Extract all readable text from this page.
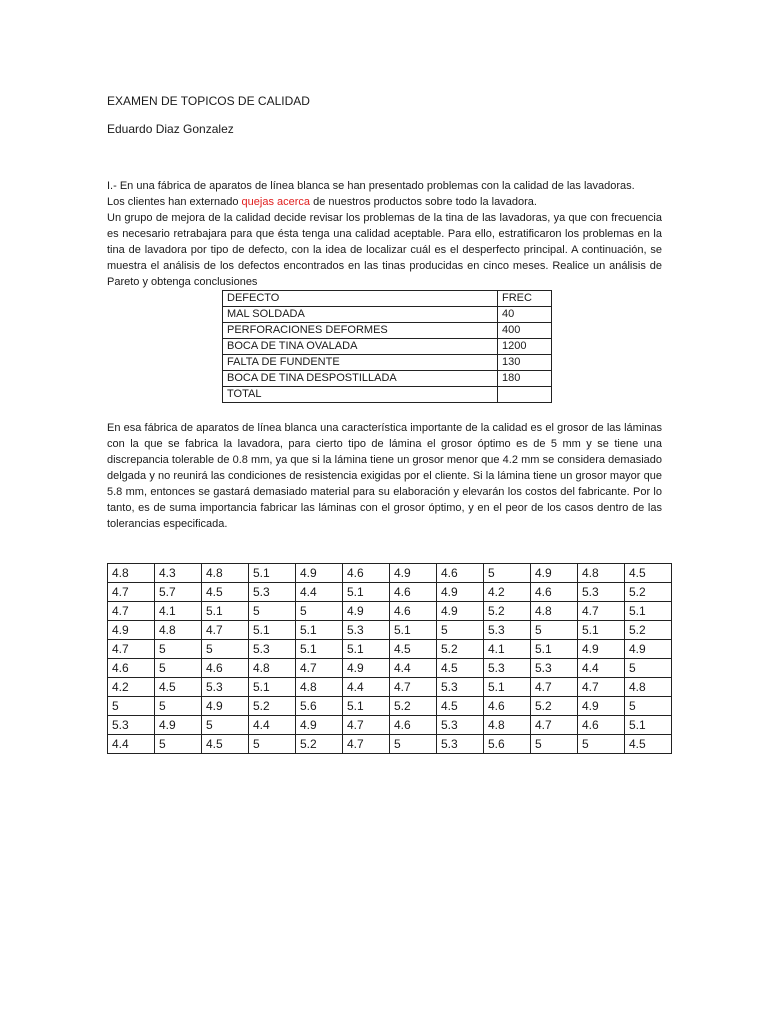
EXAMEN DE TOPICOS DE CALIDAD
Eduardo Diaz Gonzalez

I.- En una fábrica de aparatos de línea blanca se han presentado problemas con la calidad de las lavadoras.
Los clientes han externado quejas acerca de nuestros productos sobre todo la lavadora.
Un grupo de mejora de la calidad decide revisar los problemas de la tina de las lavadoras, ya que con frecuencia es necesario retrabajara para que ésta tenga una calidad aceptable. Para ello, estratificaron los problemas en la tina de lavadora por tipo de defecto, con la idea de localizar cuál es el desperfecto principal. A continuación, se muestra el análisis de los defectos encontrados en las tinas producidas en cinco meses. Realice un análisis de Pareto y obtenga conclusiones

DEFECTO	FREC
MAL SOLDADA	40
PERFORACIONES DEFORMES	400
BOCA DE TINA OVALADA	1200
FALTA DE FUNDENTE	130
BOCA DE TINA DESPOSTILLADA	180
TOTAL	

En esa fábrica de aparatos de línea blanca una característica importante de la calidad es el grosor de las láminas con la que se fabrica la lavadora, para cierto tipo de lámina el grosor óptimo es de 5 mm y se tiene una discrepancia tolerable de 0.8 mm, ya que si la lámina tiene un grosor menor que 4.2 mm se considera demasiado delgada y no reunirá las condiciones de resistencia exigidas por el cliente. Si la lámina tiene un grosor mayor que 5.8 mm, entonces se gastará demasiado material para su elaboración y elevarán los costos del fabricante. Por lo tanto, es de suma importancia fabricar las láminas con el grosor óptimo, y en el peor de los casos dentro de las tolerancias especificada.

4.8	4.3	4.8	5.1	4.9	4.6	4.9	4.6	5	4.9	4.8	4.5
4.7	5.7	4.5	5.3	4.4	5.1	4.6	4.9	4.2	4.6	5.3	5.2
4.7	4.1	5.1	5	5	4.9	4.6	4.9	5.2	4.8	4.7	5.1
4.9	4.8	4.7	5.1	5.1	5.3	5.1	5	5.3	5	5.1	5.2
4.7	5	5	5.3	5.1	5.1	4.5	5.2	4.1	5.1	4.9	4.9
4.6	5	4.6	4.8	4.7	4.9	4.4	4.5	5.3	5.3	4.4	5
4.2	4.5	5.3	5.1	4.8	4.4	4.7	5.3	5.1	4.7	4.7	4.8
5	5	4.9	5.2	5.6	5.1	5.2	4.5	4.6	5.2	4.9	5
5.3	4.9	5	4.4	4.9	4.7	4.6	5.3	4.8	4.7	4.6	5.1
4.4	5	4.5	5	5.2	4.7	5	5.3	5.6	5	5	4.5
